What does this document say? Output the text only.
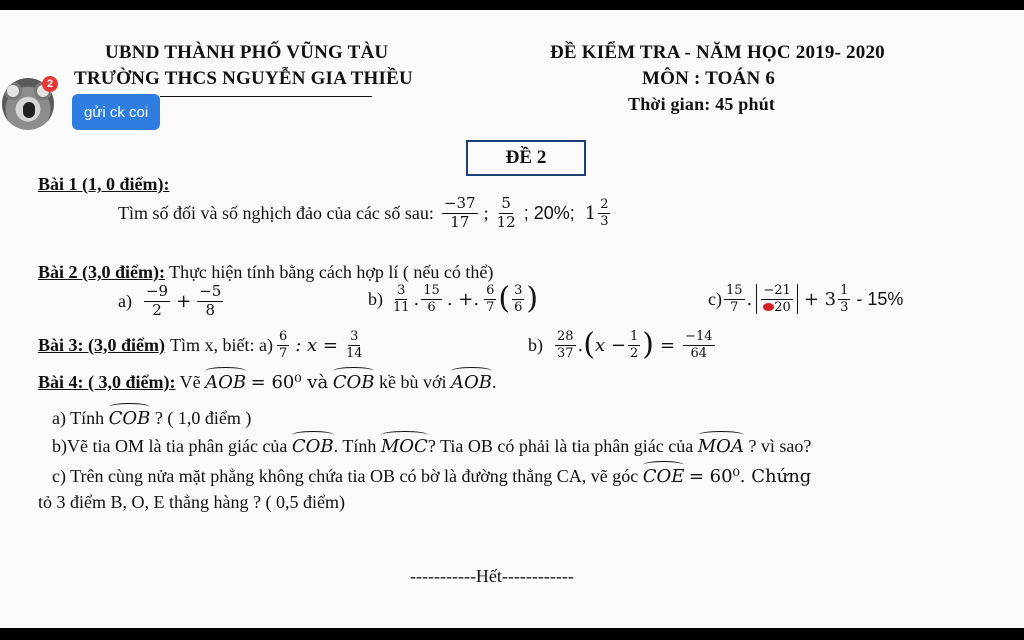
UBND THÀNH PHỐ VŨNG TÀU
TRƯỜNG THCS NGUYỄN GIA THIỀU
ĐỀ KIỂM TRA - NĂM HỌC 2019- 2020
MÔN : TOÁN 6
Thời gian: 45 phút
ĐỀ 2
2
gửi ck coi
Bài 1 (1, 0 điểm):
Tìm số đối và số nghịch đảo của các số sau: $\frac{-37}{17}$ ; $\frac{5}{12}$ ; 20%; $1 \frac{2}{3}$
Bài 2 (3,0 điểm): Thực hiện tính bằng cách hợp lí ( nếu có thể)
$a) \frac{-9}{2} + \frac{-5}{8}$	$b) \frac{3}{11}$ . $\frac{15}{6}$ . +. $\frac{6}{7}$ ( $\frac{3}{6}$ )	$c) \frac{15}{7}$ . $\frac{-21}{20} + 3 \frac{1}{3} - 15\%$
Bài 3: (3,0 điểm) Tìm x, biết: $a) \frac{6}{7}$ : $x = \frac{3}{14}$	$b) \frac{28}{37}$ . ( $x - \frac{1}{2}$ ) = $\frac{-14}{64}$
Bài 4: ( 3,0 điểm): Vẽ AOB = 60⁰ và COB kề bù với AOB.
a) Tính COB ? ( 1,0 điểm )
b)Vẽ tia OM là tia phân giác của COB. Tính MOC? Tia OB có phải là tia phân giác của MOA ? vì sao?
c) Trên cùng nửa mặt phẳng không chứa tia OB có bờ là đường thẳng CA, vẽ góc COE = 60⁰. Chứng
tỏ 3 điểm B, O, E thẳng hàng ? ( 0,5 điểm)
-----------Hết------------
